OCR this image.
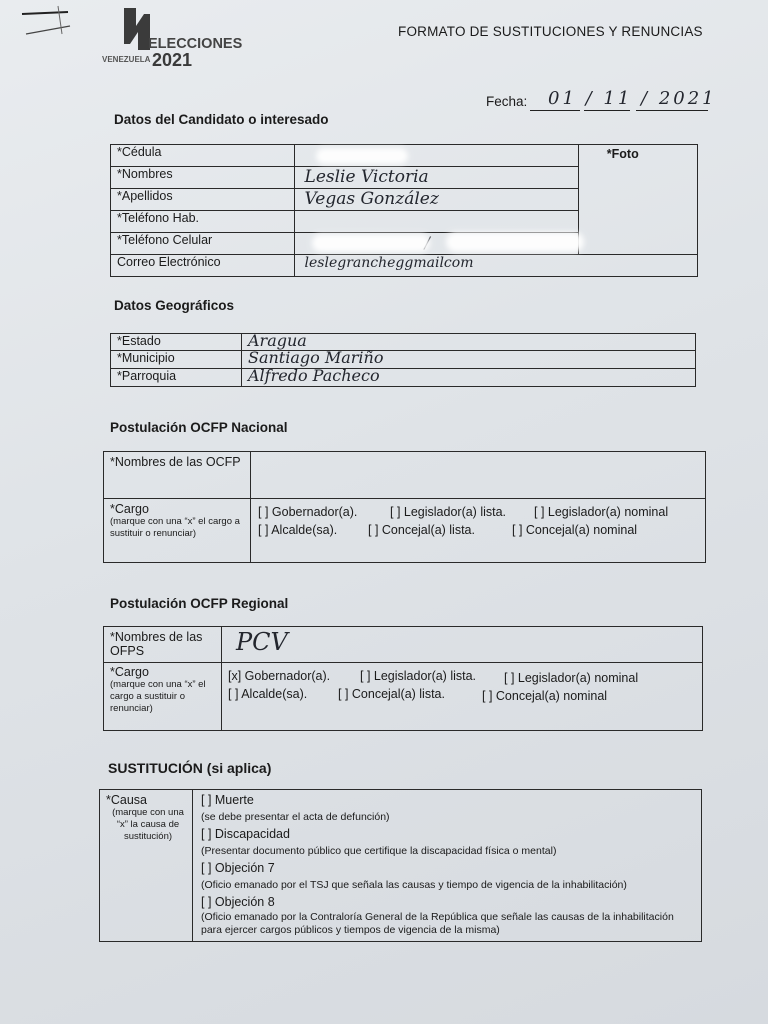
ELECCIONES
VENEZUELA 2021
FORMATO DE SUSTITUCIONES Y RENUNCIAS
Fecha: 01 / 11 / 2021
Datos del Candidato o interesado
*Cédula		*Foto
*Nombres	Leslie Victoria	
*Apellidos	Vegas González	
*Teléfono Hab.		
*Teléfono Celular	
Correo Electrónico	leslegrancheggmailcom	
Datos Geográficos
*Estado	Aragua
*Municipio	Santiago Mariño
*Parroquia	Alfredo Pacheco
Postulación OCFP Nacional
*Nombres de las OCFP	

*Cargo
(marque con una “x” el cargo a sustituir o renunciar)	

[ ] Gobernador(a).	[ ] Legislador(a) lista. [ ] Legislador(a) nominal
[ ] Alcalde(sa). [ ] Concejal(a) lista.	[ ] Concejal(a) nominal
Postulación OCFP Regional
*Nombres de las OFPS	PCV

*Cargo
(marque con una “x” el cargo a sustituir o renunciar)	

[x] Gobernador(a). [ ] Legislador(a) lista. [ ] Legislador(a) nominal
[ ] Alcalde(sa). [ ] Concejal(a) lista.	[ ] Concejal(a) nominal
SUSTITUCIÓN (si aplica)
*Causa
(marque con una “x” la causa de sustitución)

[ ] Muerte
(se debe presentar el acta de defunción)
[ ] Discapacidad
(Presentar documento público que certifique la discapacidad física o mental)
[ ] Objeción 7
(Oficio emanado por el TSJ que señala las causas y tiempo de vigencia de la inhabilitación)
[ ] Objeción 8
(Oficio emanado por la Contraloría General de la República que señale las causas de la inhabilitación para ejercer cargos públicos y tiempos de vigencia de la misma)
